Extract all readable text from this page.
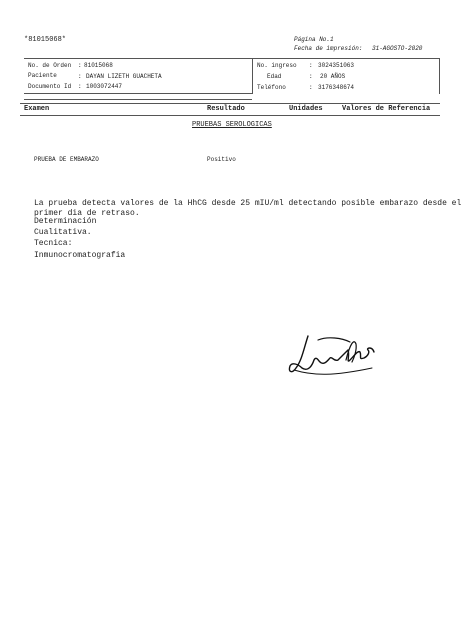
*81015068*	Página No.1
Fecha de impresión: 31-AGOSTO-2020
No. de Orden : 81015068
Paciente	: DAYAN LIZETH GUACHETA
Documento Id : 1003072447
No. ingreso : 3024351063
Edad	: 20 AÑOS
Teléfono	: 3176348674
Examen	Resultado	Unidades	Valores de Referencia
PRUEBAS SEROLOGICAS
PRUEBA DE EMBARAZO	Positivo
La prueba detecta valores de la HhCG desde 25 mIU/ml detectando posible embarazo desde el
primer dia de retraso.
Determinación
Cualitativa.
Tecnica:
Inmunocromatografia
